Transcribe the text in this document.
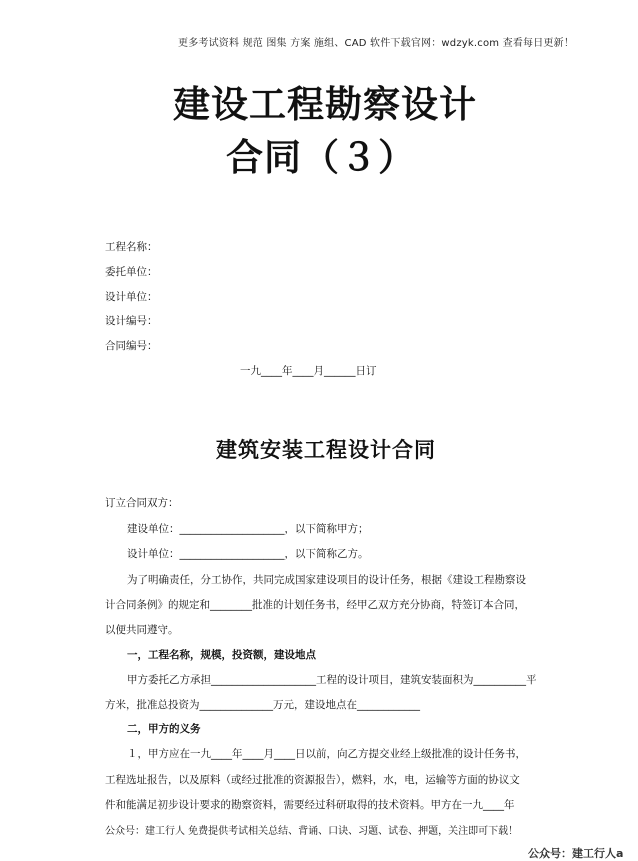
更多考试资料 规范 图集 方案 施组、CAD 软件下载官网：wdzyk.com 查看每日更新！
建设工程勘察设计
合同（３）
工程名称：
委托单位：
设计单位：
设计编号：
合同编号：
一九____年____月______日订
建筑安装工程设计合同
订立合同双方：
建设单位：____________________，以下简称甲方；
设计单位：____________________，以下简称乙方。
为了明确责任，分工协作，共同完成国家建设项目的设计任务，根据《建设工程勘察设
计合同条例》的规定和________批准的计划任务书，经甲乙双方充分协商，特签订本合同，
以便共同遵守。
一，工程名称，规模，投资额，建设地点
甲方委托乙方承担____________________工程的设计项目，建筑安装面积为__________平
方米，批准总投资为______________万元，建设地点在____________
二，甲方的义务
１，甲方应在一九____年____月____日以前，向乙方提交业经上级批准的设计任务书，
工程选址报告，以及原料（或经过批准的资源报告），燃料，水，电，运输等方面的协议文
件和能满足初步设计要求的勘察资料，需要经过科研取得的技术资料。甲方在一九____年
公众号：建工行人 免费提供考试相关总结、背诵、口诀、习题、试卷、押题，关注即可下载！
公众号：建工行人a
